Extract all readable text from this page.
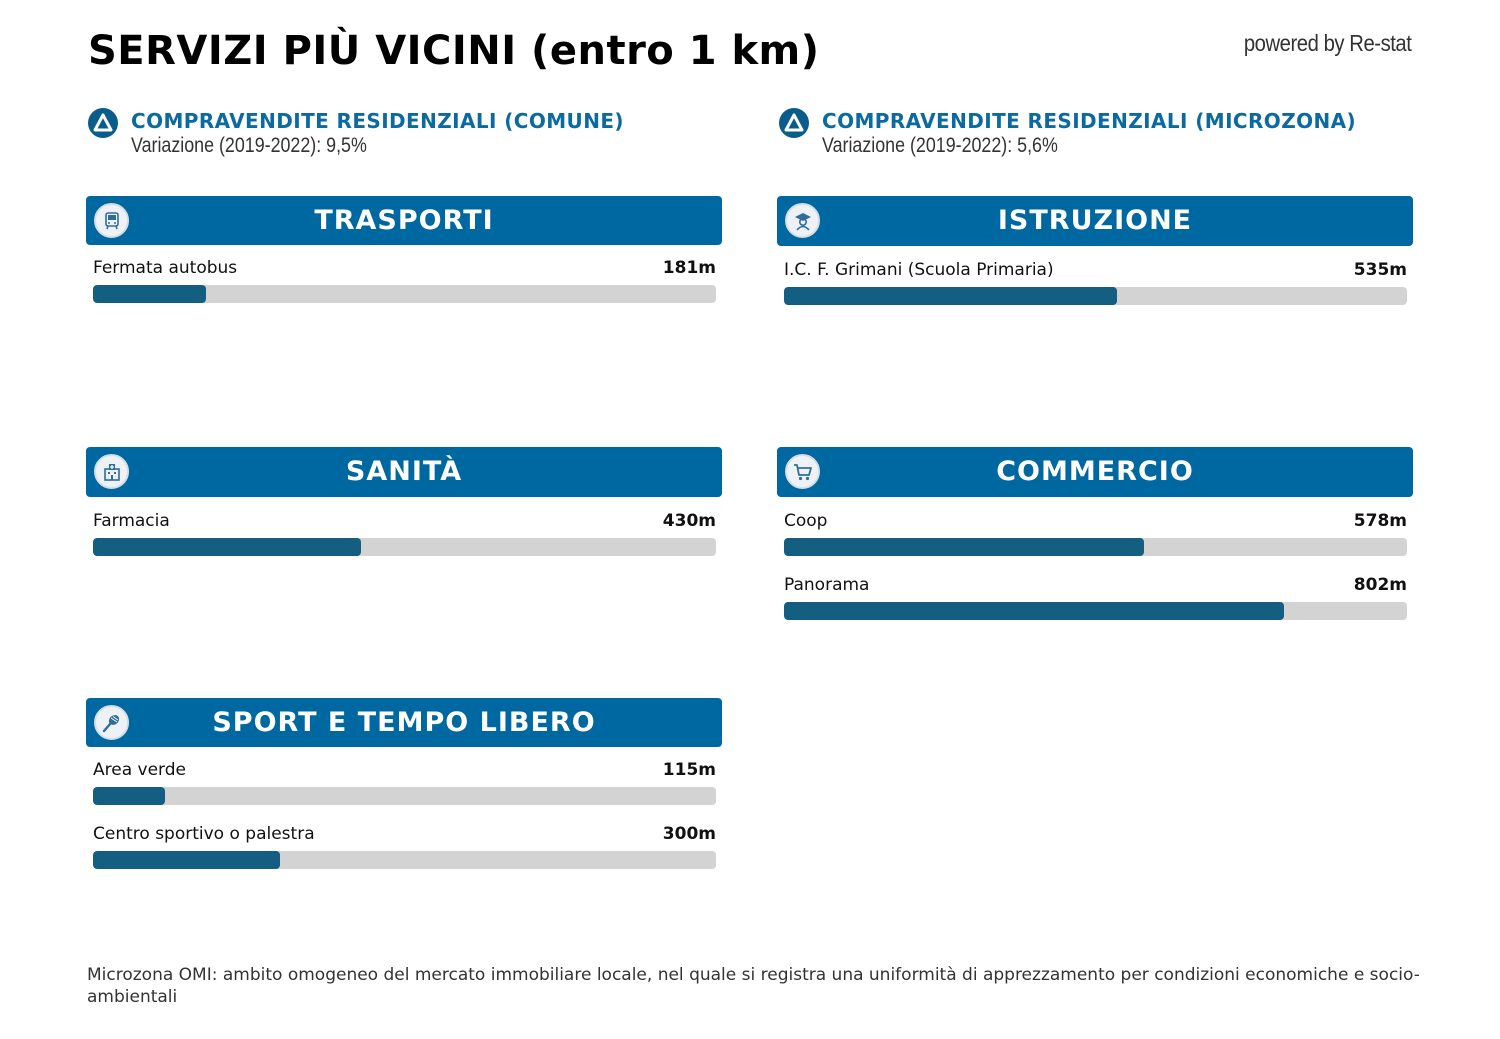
SERVIZI PIÙ VICINI (entro 1 km)	powered by Re-stat
COMPRAVENDITE RESIDENZIALI (COMUNE)
Variazione (2019-2022): 9,5%
COMPRAVENDITE RESIDENZIALI (MICROZONA)
Variazione (2019-2022): 5,6%
TRASPORTI
Fermata autobus	181m
ISTRUZIONE
I.C. F. Grimani (Scuola Primaria)	535m
SANITÀ
Farmacia	430m
COMMERCIO
Coop	578m
Panorama	802m
SPORT E TEMPO LIBERO
Area verde	115m
Centro sportivo o palestra	300m
Microzona OMI: ambito omogeneo del mercato immobiliare locale, nel quale si registra una uniformità di apprezzamento per condizioni economiche e socio-ambientali
